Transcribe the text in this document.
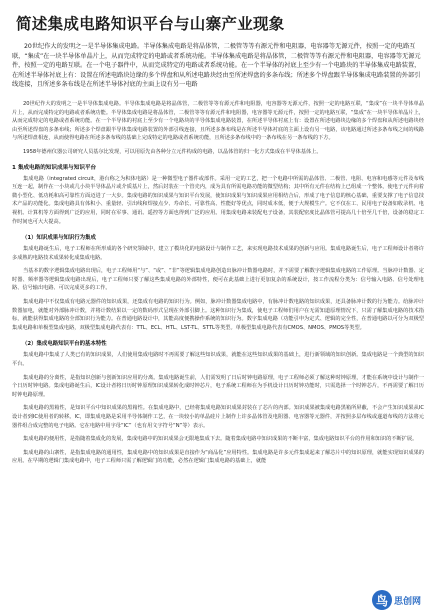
简述集成电路知识平台与山寨产业现象

20世纪作大的发明之一是半导体集成电路。半导体集成电路是将晶体管，二极管等等有源元件和电阻器，电容器等无源元件，按照一定的电路互联，“集成”在一块半导体单晶片上，从而完成特定的电路或者系统功能。半导体集成电路是将晶体管，二极管等等有源元件和电阻器，电容器等无源元件，按照一定的电路互联。在一个电子器件中，从而完成特定的电路或者系统功能。在一个半导体的衬底上至少有一个电路块的半导体集成电路装置，在所述半导体衬底上有：设置在所述电路块边缘的多个焊盘和从所述电路块经由至所述焊盘的多条布线；所述多个焊盘跟半导体集成电路装置的外部引线连接，且所述多条布线是在所述半导体衬底的主面上设有另一电路

20世纪作大的发明之一是半导体集成电路。半导体集成电路是将晶体管，二极管等等有源元件和电阻器，电容器等无源元件，按照一定的电路互联，“集成”在一块半导体单晶片上，从而完成特定的电路或者系统功能。半导体集成电路是将晶体管，二极管等等有源元件和电阻器，电容器等无源元件，按照一定的电路互联，“集成”在一块半导体单晶片上，从而完成特定的电路或者系统功能。在一个半导体的衬底上至少有一个电路块的半导体集成电路装置，在所述半导体衬底上有：设置在所述电路块边缘的多个焊盘和从所述电路块经由至所述焊盘的多条布线；所述多个焊盘跟半导体集成电路装置的外部引线连接，且所述多条布线是在所述半导体衬底的主面上设有另一电路，该电路通过所述多条布线之间的线路与所述焊盘相连，从而使得电路在所述多条布线的基础上完成特定的电路或者系统功能，且所述多条布线中的一条布线在另一条布线的下方。

1958年德州仪器公司研究人员基尔比发现，可以用原先由各种分立元件构成的电路，以晶体管的归一化方式集成在半导体基体上。

1 集成电路的知识成果与知识平台

集成电路（integrated circuit，港台称之为积体电路）是一种微型电子器件或部件。采用一定的工艺，把一个电路中所需的晶体管、二极管、电阻、电容和电感等元件及布线互连一起，制作在一小块或几小块半导体晶片或介质基片上，然后封装在一个管壳内，成为具有所需电路功能的微型结构；其中所有元件在结构上已组成一个整体，使电子元件向着微小型化、低功耗和高可靠性方面迈进了一大步。集成电路的知识成果与知识平台发展，使知识成果与知识成果应用相结合后，形成了电子信息的核心基础，重要支撑了电子信息技术产品的功能化。集成电路具有体积小、重量轻、引出线和焊接点少、寿命长、可靠性高、性能好等优点，同时成本低，便于大规模生产。它不仅在工、民用电子设备如收录机、电视机、计算机等方面得到广泛的应用，同时在军事、通讯、遥控等方面也得到广泛的应用。用集成电路来装配电子设备，其装配密度比晶体管可提高几十倍至几千倍，设备的稳定工作时间也可大大提高。

（1）知识成果与知识行为集成

集成电路诞生后，电子工程师在所形成的各个研究领域中，建立了模块化的电路设计与制作工艺，来实现电路技术成果的创新与应用。集成电路诞生后，电子工程师设计者将许多成熟的电路技术成果转化成集成电路。

当基本的数字逻辑集成电路出现后，电子工程师用“与”、“或”、“非”等逻辑集成电路创造出脉冲计数器电路时，并不需要了解数字逻辑集成电路的工作原理。当脉冲计数器、定时器、频率器等逻辑集成电路出现后，电子工程师只要了解这些集成电路的外部特性，便可在此基础上进行更加复杂的系统设计，按工作流程分类为：信号输入电路、信号处理电路、信号输出电路、可以完成更多的工作。

集成电路中不仅集成有电路元器件的知识成果，还集成有电路的知识行为。例如，脉冲计数器集成电路中，有脉冲计数电路的知识成果，还具备脉冲计数的行为能力。给脉冲计数器加电，就能对外部脉冲计数，并将计数结果以一定的数码形式呈现在外部引脚上。这种知识行为集成，使电子工程师们用户在无需知道原理情况下，只需了解集成电路的技术指标，就能获得集成电路的全部知识行为能力。在普通电路设计中，其能高度便携操作系统的知识行为。数字集成电路（功能引申为定式、逻辑的完全性，在普通电路以可分为双极型集成电路和单极型集成电路，双极型集成电路代表有：TTL、ECL、HTL、LST-TL、STTL等类型。单极型集成电路代表有CMOS、NMOS、PMOS等类型。

（2）集成电路知识平台的基本特性

集成电路中集成了人类已有的知识成果，人们使用集成电路时不再需要了解这些知识成果，就能在这些知识成果的基础上，进行新领域的知识创新。集成电路是一个典型的知识平台。

集成电路的分离性，是指知识创新与创新知识应用的分离。集成电路诞生前，人们需发明了日后时钟电路原理，电子工程师必须了解这种时钟原理，才能在系统中设计与制作一个日历时钟电路。集成电路诞生后，IC设计者将日历时钟原理知识成果转化成时钟芯片，电子系统工程师在为手机设计日历时钟功能时，只需选择一个时钟芯片，不再需要了解日历时钟电路原理。

集成电路的黑箱性，是知识平台中知识成果的黑箱性。在集成电路中，已经将集成电路知识成果封装在了芯片的内部。知识成果被集成电路黑箱所屏蔽，不会产生知识成果从IC设计者到IC使用者的转移。IC，即集成电路是采用半导体制作工艺，在一块较小的单晶硅片上制作上许多晶体管及电阻器、电容器等元器件，并按照多层布线或遂道布线的方法将元器件组合成完整的电子电路。它在电路中用字母“IC”（也有用文字符号“N”等）表示。

集成电路的便用性，是指随着集成化的发展，集成电路中的知识成果会无限地集成下去。随着集成电路中知识成果的不断丰富，集成电路知识平台的作用和知识的不断扩展。

集成电路的山寨性，是指集成电路的通用性，集成电路中的知识成果是直接作为“商品化”应用特性。集成电路是许多元件集成起来了解芯片中的知识原理，就能实现知识成果的应用。在早期的逻辑门集成电路中，电子工程师只需了解逻辑门的功能，必然在逻辑门集成电路的基础上，就能

鸟 思创网
